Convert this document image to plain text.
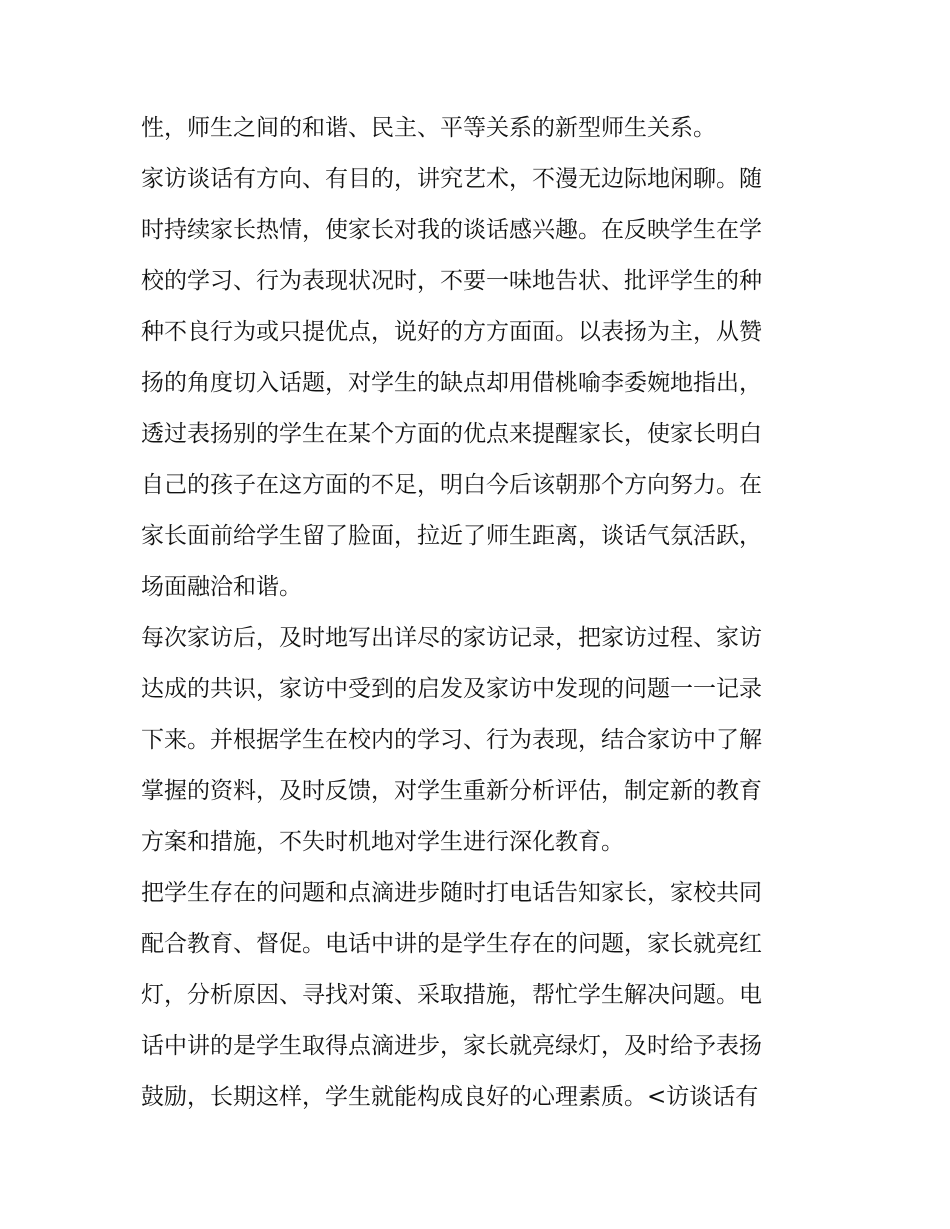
性，师生之间的和谐、民主、平等关系的新型师生关系。
家访谈话有方向、有目的，讲究艺术，不漫无边际地闲聊。随
时持续家长热情，使家长对我的谈话感兴趣。在反映学生在学
校的学习、行为表现状况时，不要一味地告状、批评学生的种
种不良行为或只提优点，说好的方方面面。以表扬为主，从赞
扬的角度切入话题，对学生的缺点却用借桃喻李委婉地指出，
透过表扬别的学生在某个方面的优点来提醒家长，使家长明白
自己的孩子在这方面的不足，明白今后该朝那个方向努力。在
家长面前给学生留了脸面，拉近了师生距离，谈话气氛活跃，
场面融洽和谐。
每次家访后，及时地写出详尽的家访记录，把家访过程、家访
达成的共识，家访中受到的启发及家访中发现的问题一一记录
下来。并根据学生在校内的学习、行为表现，结合家访中了解
掌握的资料，及时反馈，对学生重新分析评估，制定新的教育
方案和措施，不失时机地对学生进行深化教育。
把学生存在的问题和点滴进步随时打电话告知家长，家校共同
配合教育、督促。电话中讲的是学生存在的问题，家长就亮红
灯，分析原因、寻找对策、采取措施，帮忙学生解决问题。电
话中讲的是学生取得点滴进步，家长就亮绿灯，及时给予表扬
鼓励，长期这样，学生就能构成良好的心理素质。<访谈话有
